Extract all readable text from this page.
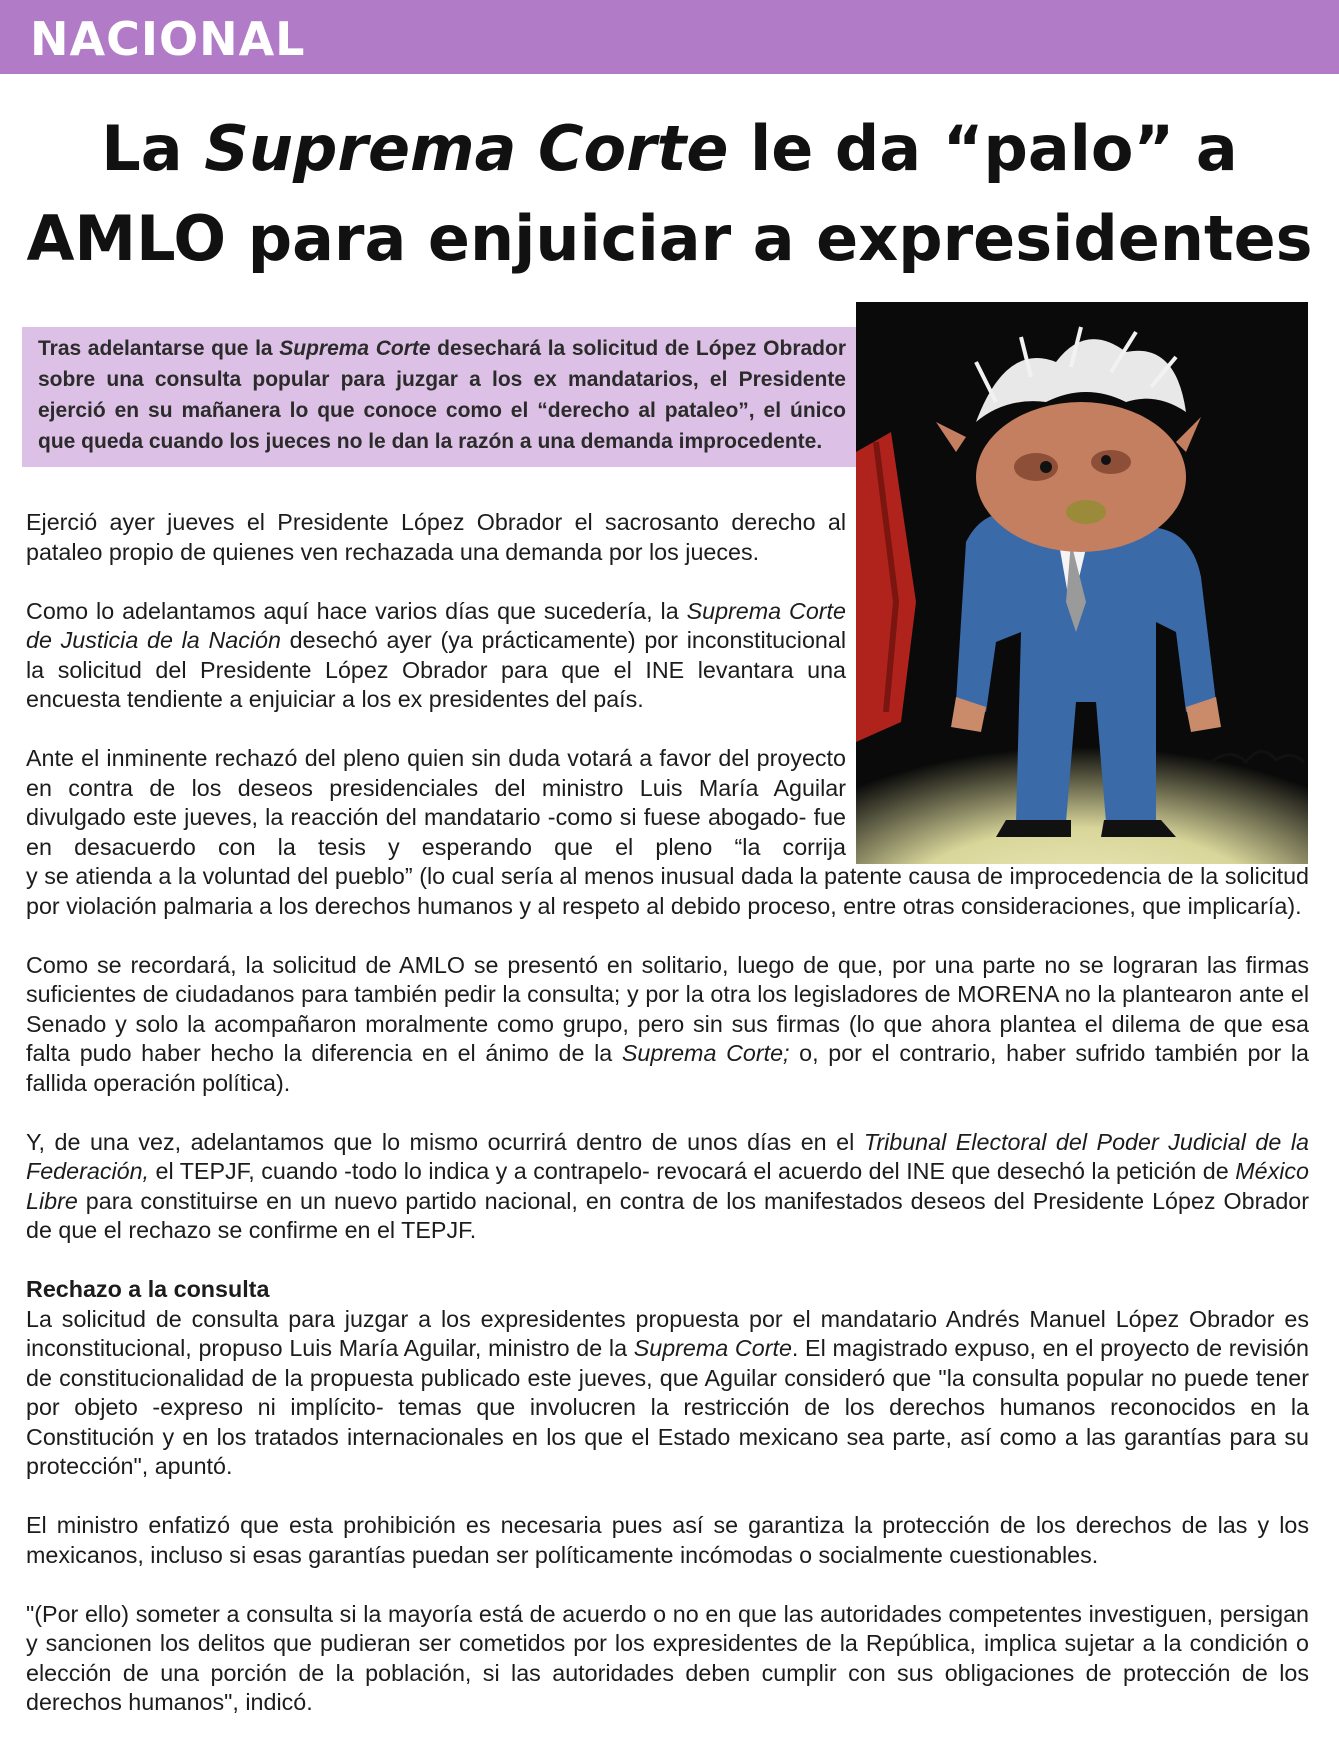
NACIONAL
La Suprema Corte le da “palo” a
AMLO para enjuiciar a expresidentes

Tras adelantarse que la Suprema Corte desechará la solicitud de López Obrador sobre una consulta popular para juzgar a los ex mandatarios, el Presidente ejerció en su mañanera lo que conoce como el “derecho al pataleo”, el único que queda cuando los jueces no le dan la razón a una demanda improcedente.

Ejerció ayer jueves el Presidente López Obrador el sacrosanto derecho al pataleo propio de quienes ven rechazada una demanda por los jueces.

Como lo adelantamos aquí hace varios días que sucedería, la Suprema Corte de Justicia de la Nación desechó ayer (ya prácticamente) por inconstitucional la solicitud del Presidente López Obrador para que el INE levantara una encuesta tendiente a enjuiciar a los ex presidentes del país.

Ante el inminente rechazó del pleno quien sin duda votará a favor del proyecto en contra de los deseos presidenciales del ministro Luis María Aguilar divulgado este jueves, la reacción del mandatario -como si fuese abogado- fue en desacuerdo con la tesis y esperando que el pleno “la corrija
y se atienda a la voluntad del pueblo” (lo cual sería al menos inusual dada la patente causa de improcedencia de la solicitud por violación palmaria a los derechos humanos y al respeto al debido proceso, entre otras consideraciones, que implicaría).

Como se recordará, la solicitud de AMLO se presentó en solitario, luego de que, por una parte no se lograran las firmas suficientes de ciudadanos para también pedir la consulta; y por la otra los legisladores de MORENA no la plantearon ante el Senado y solo la acompañaron moralmente como grupo, pero sin sus firmas (lo que ahora plantea el dilema de que esa falta pudo haber hecho la diferencia en el ánimo de la Suprema Corte; o, por el contrario, haber sufrido también por la fallida operación política).

Y, de una vez, adelantamos que lo mismo ocurrirá dentro de unos días en el Tribunal Electoral del Poder Judicial de la Federación, el TEPJF, cuando -todo lo indica y a contrapelo- revocará el acuerdo del INE que desechó la petición de México Libre para constituirse en un nuevo partido nacional, en contra de los manifestados deseos del Presidente López Obrador de que el rechazo se confirme en el TEPJF.

Rechazo a la consulta

La solicitud de consulta para juzgar a los expresidentes propuesta por el mandatario Andrés Manuel López Obrador es inconstitucional, propuso Luis María Aguilar, ministro de la Suprema Corte. El magistrado expuso, en el proyecto de revisión de constitucionalidad de la propuesta publicado este jueves, que Aguilar consideró que "la consulta popular no puede tener por objeto -expreso ni implícito- temas que involucren la restricción de los derechos humanos reconocidos en la Constitución y en los tratados internacionales en los que el Estado mexicano sea parte, así como a las garantías para su protección", apuntó.

El ministro enfatizó que esta prohibición es necesaria pues así se garantiza la protección de los derechos de las y los mexicanos, incluso si esas garantías puedan ser políticamente incómodas o socialmente cuestionables.

"(Por ello) someter a consulta si la mayoría está de acuerdo o no en que las autoridades competentes investiguen, persigan y sancionen los delitos que pudieran ser cometidos por los expresidentes de la República, implica sujetar a la condición o elección de una porción de la población, si las autoridades deben cumplir con sus obligaciones de protección de los derechos humanos", indicó.
